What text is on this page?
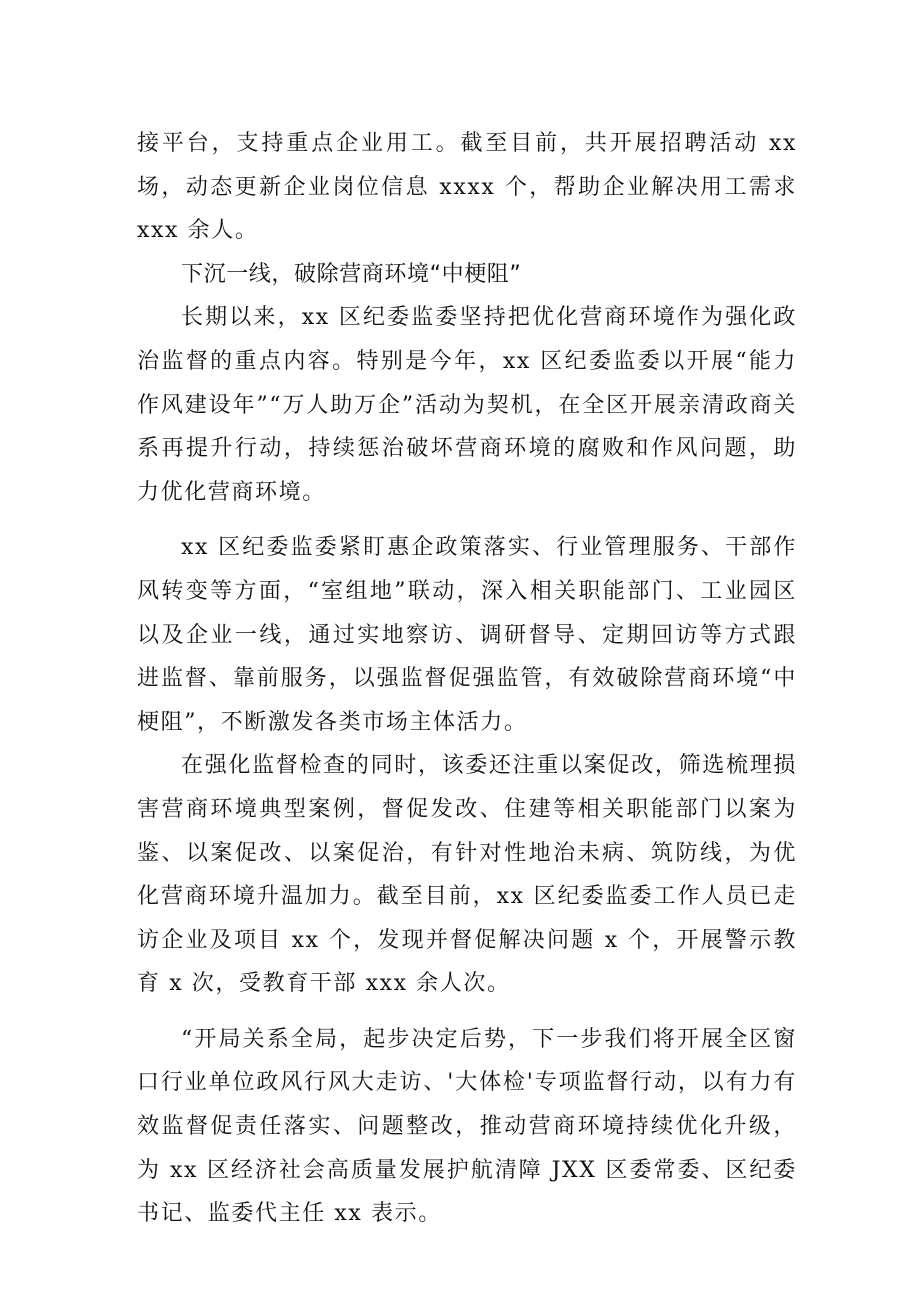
接平台，支持重点企业用工。截至目前，共开展招聘活动 xx 场，动态更新企业岗位信息 xxxx 个，帮助企业解决用工需求 xxx 余人。

下沉一线，破除营商环境“中梗阻”

长期以来，xx 区纪委监委坚持把优化营商环境作为强化政治监督的重点内容。特别是今年，xx 区纪委监委以开展“能力作风建设年”“万人助万企”活动为契机，在全区开展亲清政商关系再提升行动，持续惩治破坏营商环境的腐败和作风问题，助力优化营商环境。

xx 区纪委监委紧盯惠企政策落实、行业管理服务、干部作风转变等方面，“室组地”联动，深入相关职能部门、工业园区以及企业一线，通过实地察访、调研督导、定期回访等方式跟进监督、靠前服务，以强监督促强监管，有效破除营商环境“中梗阻”，不断激发各类市场主体活力。

在强化监督检查的同时，该委还注重以案促改，筛选梳理损害营商环境典型案例，督促发改、住建等相关职能部门以案为鉴、以案促改、以案促治，有针对性地治未病、筑防线，为优化营商环境升温加力。截至目前，xx 区纪委监委工作人员已走访企业及项目 xx 个，发现并督促解决问题 x 个，开展警示教育 x 次，受教育干部 xxx 余人次。

“开局关系全局，起步决定后势，下一步我们将开展全区窗口行业单位政风行风大走访、'大体检'专项监督行动，以有力有效监督促责任落实、问题整改，推动营商环境持续优化升级，为 xx 区经济社会高质量发展护航清障 JXX 区委常委、区纪委书记、监委代主任 xx 表示。
